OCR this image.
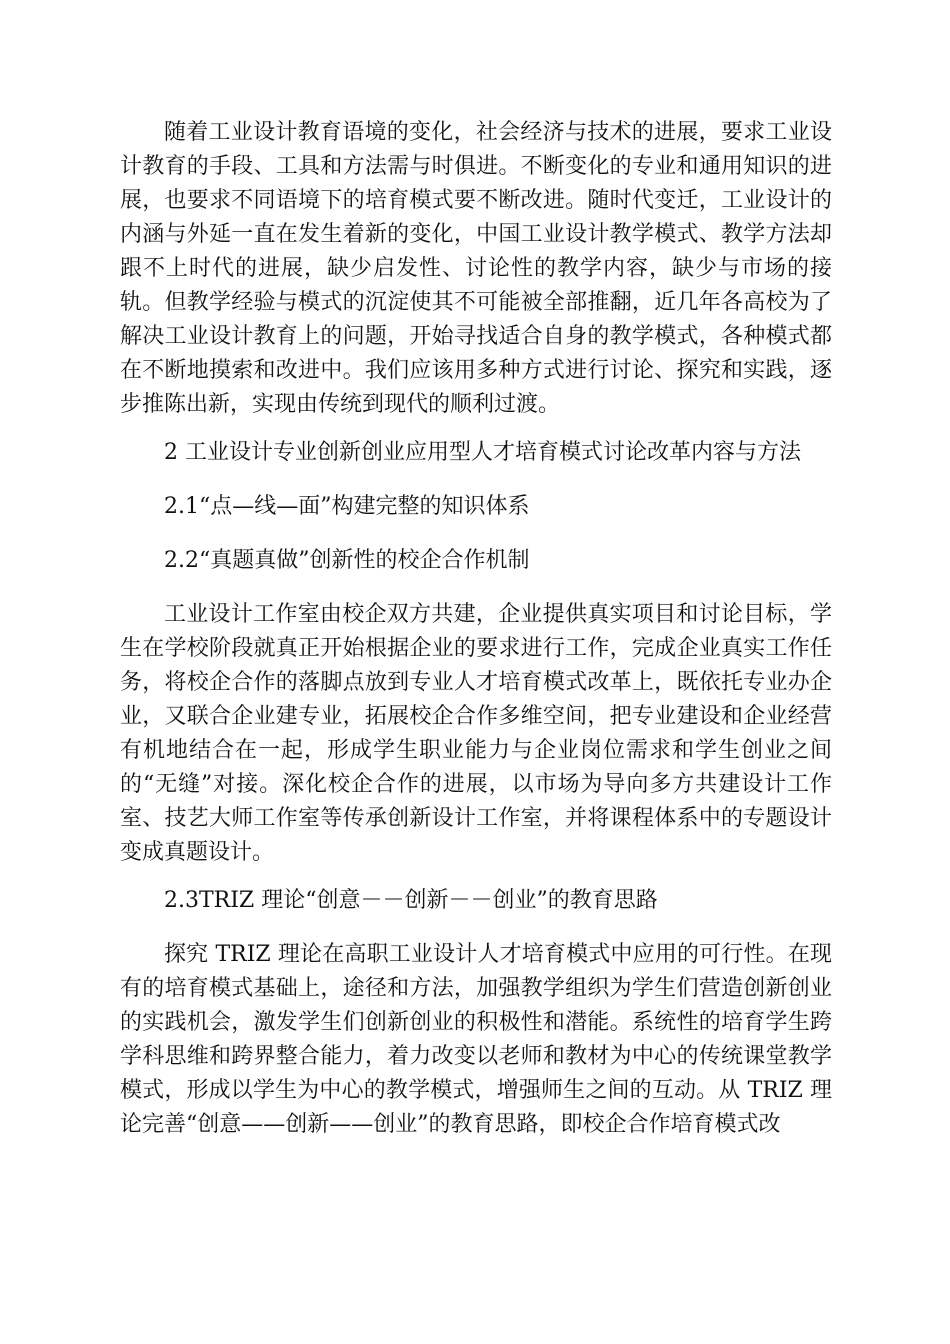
随着工业设计教育语境的变化，社会经济与技术的进展，要求工业设计教育的手段、工具和方法需与时俱进。不断变化的专业和通用知识的进展，也要求不同语境下的培育模式要不断改进。随时代变迁，工业设计的内涵与外延一直在发生着新的变化，中国工业设计教学模式、教学方法却跟不上时代的进展，缺少启发性、讨论性的教学内容，缺少与市场的接轨。但教学经验与模式的沉淀使其不可能被全部推翻，近几年各高校为了解决工业设计教育上的问题，开始寻找适合自身的教学模式，各种模式都在不断地摸索和改进中。我们应该用多种方式进行讨论、探究和实践，逐步推陈出新，实现由传统到现代的顺利过渡。

2 工业设计专业创新创业应用型人才培育模式讨论改革内容与方法

2.1“点—线—面”构建完整的知识体系

2.2“真题真做”创新性的校企合作机制

工业设计工作室由校企双方共建，企业提供真实项目和讨论目标，学生在学校阶段就真正开始根据企业的要求进行工作，完成企业真实工作任务，将校企合作的落脚点放到专业人才培育模式改革上，既依托专业办企业，又联合企业建专业，拓展校企合作多维空间，把专业建设和企业经营有机地结合在一起，形成学生职业能力与企业岗位需求和学生创业之间的“无缝”对接。深化校企合作的进展，以市场为导向多方共建设计工作室、技艺大师工作室等传承创新设计工作室，并将课程体系中的专题设计变成真题设计。

2.3TRIZ 理论“创意－－创新－－创业”的教育思路

探究 TRIZ 理论在高职工业设计人才培育模式中应用的可行性。在现有的培育模式基础上，途径和方法，加强教学组织为学生们营造创新创业的实践机会，激发学生们创新创业的积极性和潜能。系统性的培育学生跨学科思维和跨界整合能力，着力改变以老师和教材为中心的传统课堂教学模式，形成以学生为中心的教学模式，增强师生之间的互动。从 TRIZ 理论完善“创意——创新——创业”的教育思路，即校企合作培育模式改
